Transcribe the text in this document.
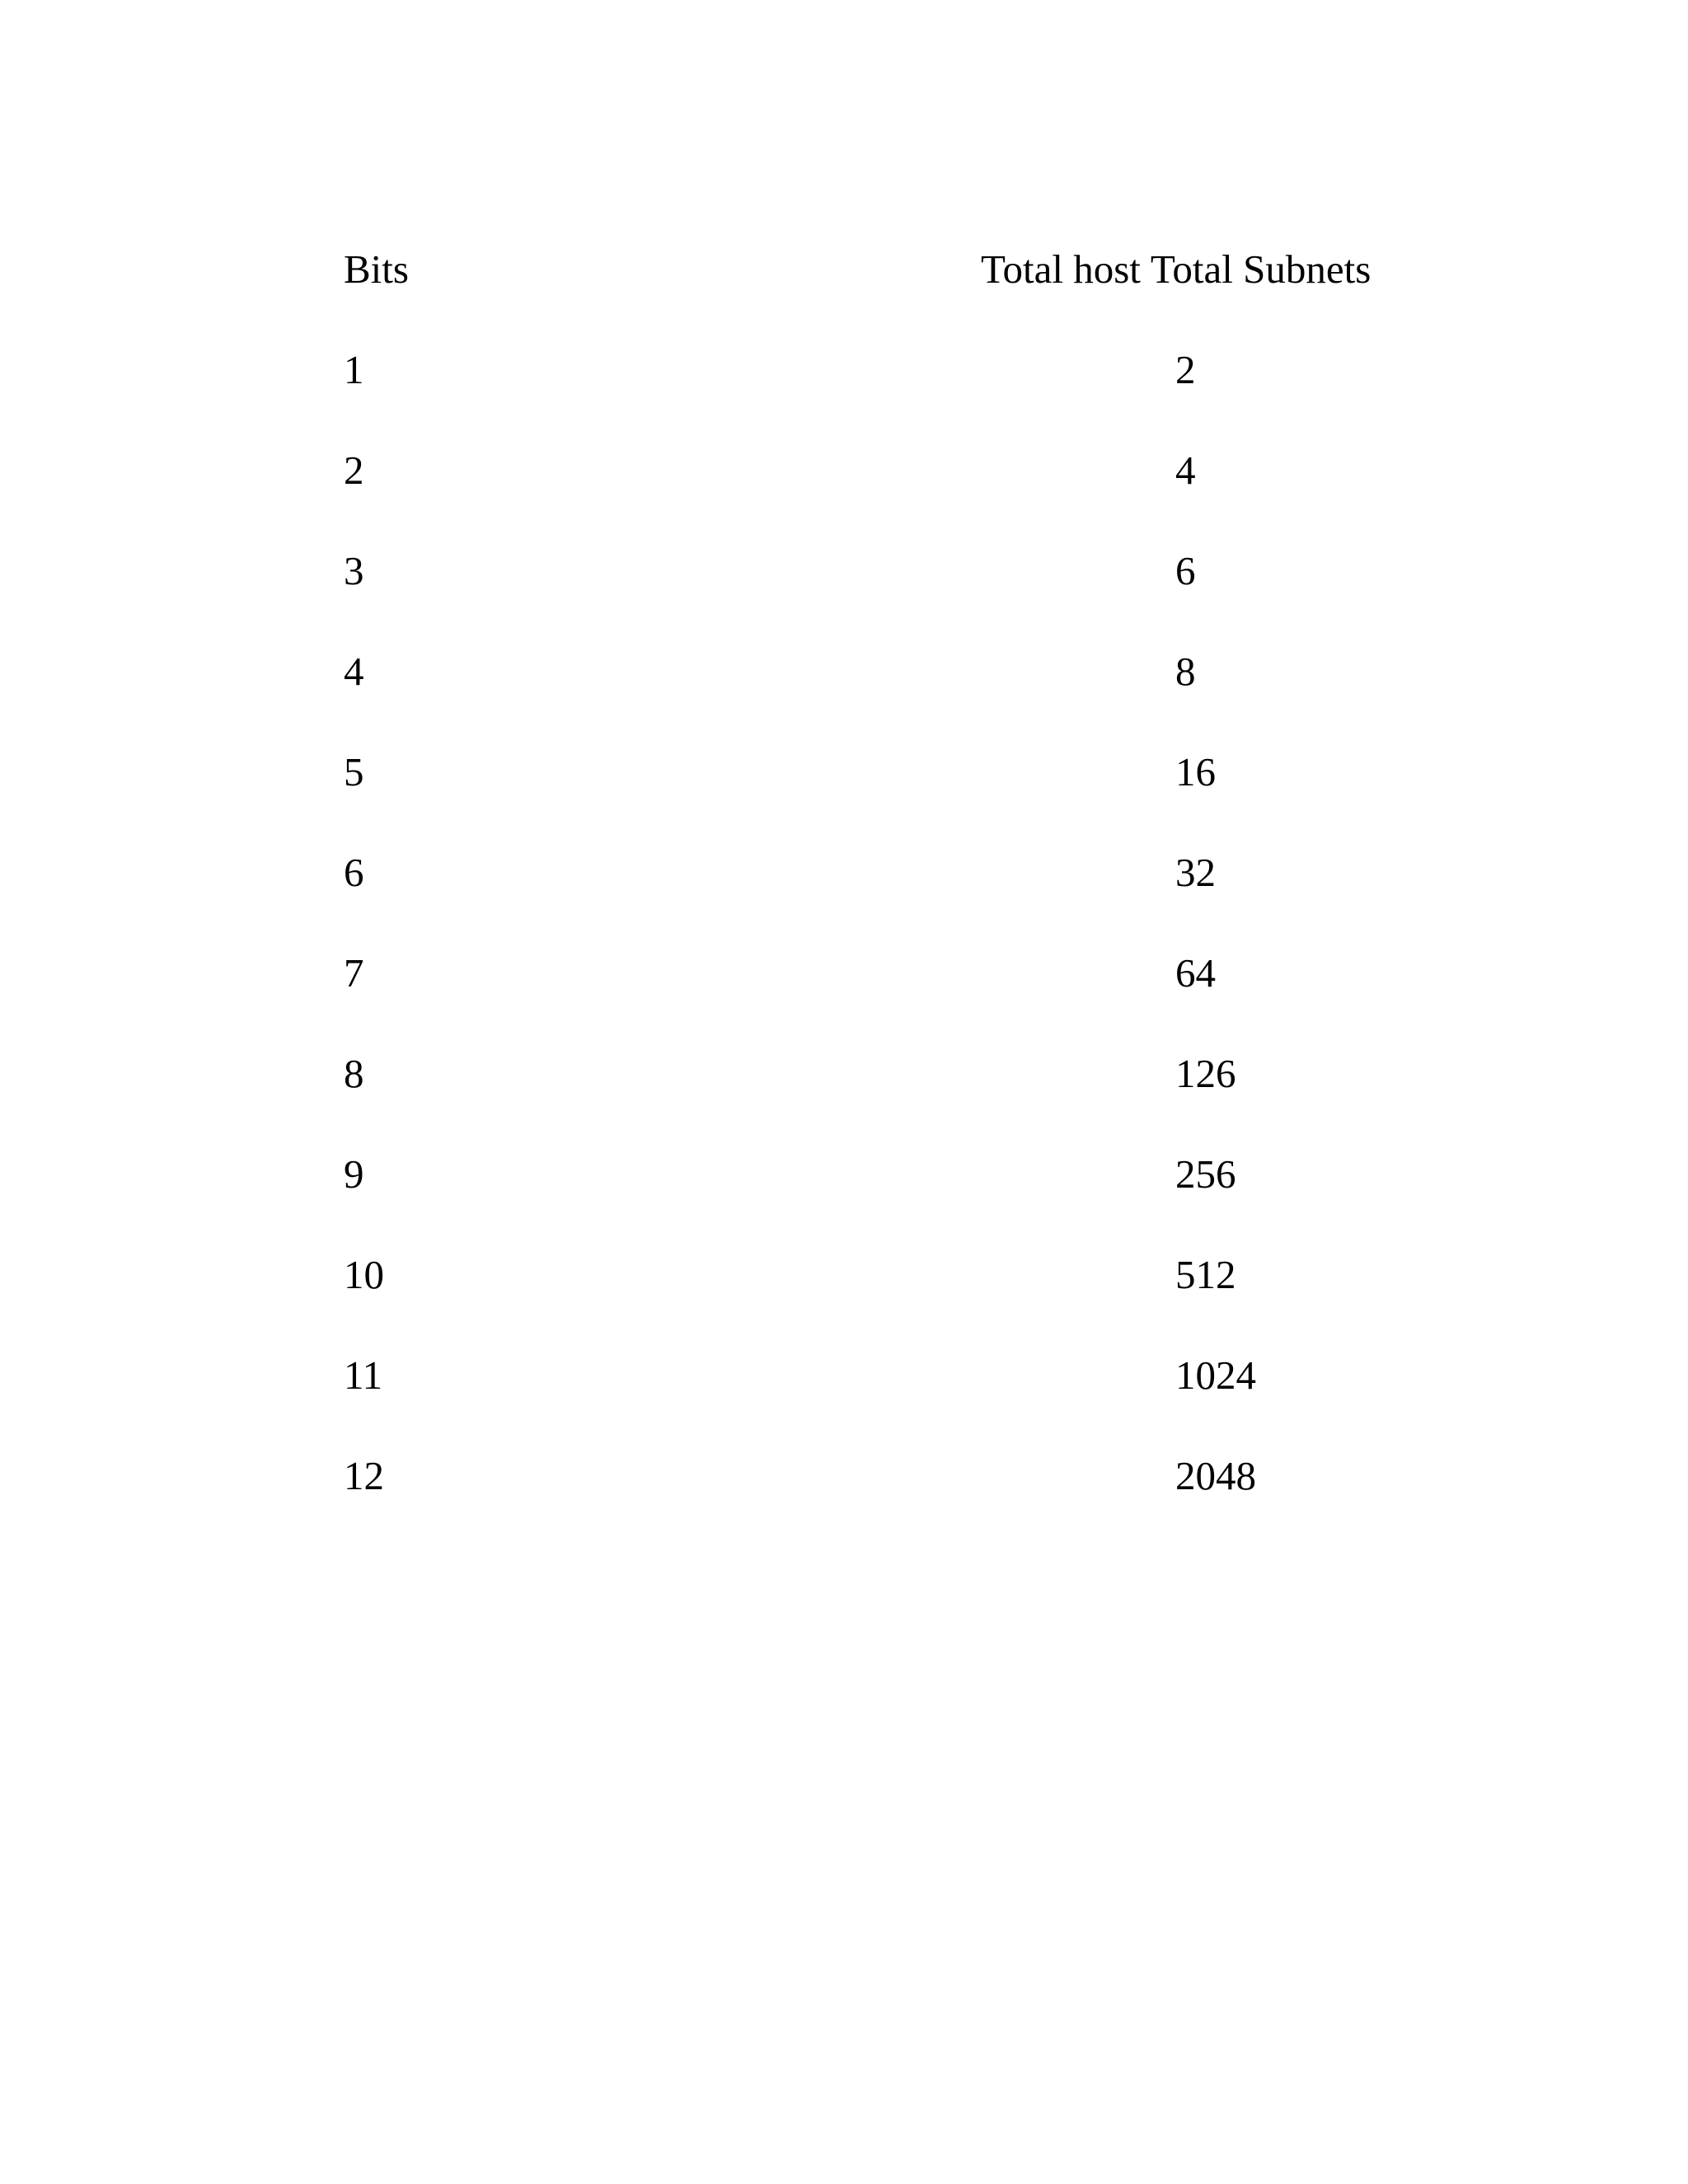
Bits	Total host Total Subnets
1	2
2	4
3	6
4	8
5	16
6	32
7	64
8	126
9	256
10	512
11	1024
12	2048
